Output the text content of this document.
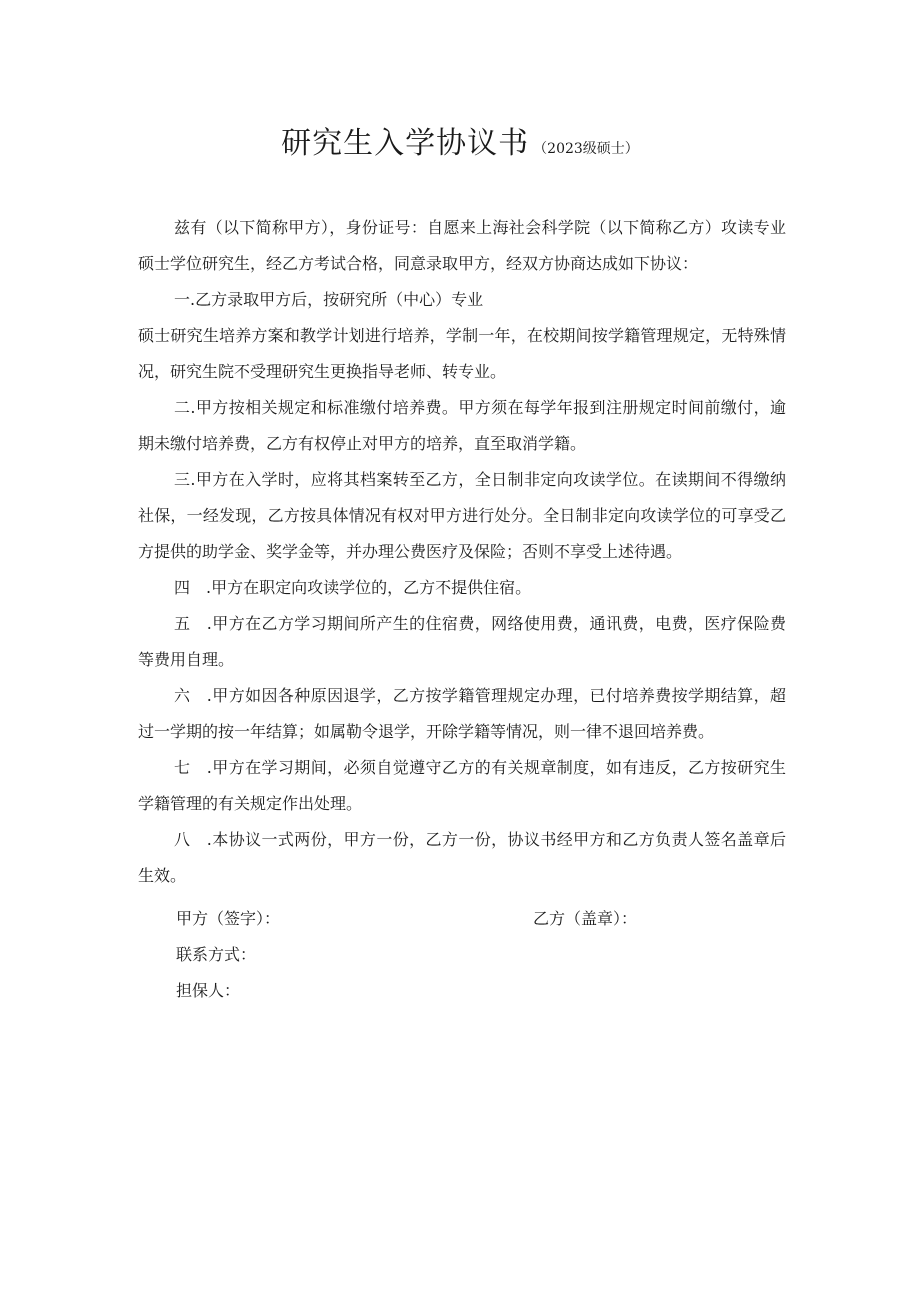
研究生入学协议书 （2023级硕士）

兹有（以下简称甲方），身份证号：自愿来上海社会科学院（以下简称乙方）攻读专业硕士学位研究生，经乙方考试合格，同意录取甲方，经双方协商达成如下协议：

一.乙方录取甲方后，按研究所（中心）专业

硕士研究生培养方案和教学计划进行培养，学制一年，在校期间按学籍管理规定，无特殊情况，研究生院不受理研究生更换指导老师、转专业。

二.甲方按相关规定和标准缴付培养费。甲方须在每学年报到注册规定时间前缴付，逾期未缴付培养费，乙方有权停止对甲方的培养，直至取消学籍。

三.甲方在入学时，应将其档案转至乙方，全日制非定向攻读学位。在读期间不得缴纳社保，一经发现，乙方按具体情况有权对甲方进行处分。全日制非定向攻读学位的可享受乙方提供的助学金、奖学金等，并办理公费医疗及保险；否则不享受上述待遇。

四　.甲方在职定向攻读学位的，乙方不提供住宿。

五　.甲方在乙方学习期间所产生的住宿费，网络使用费，通讯费，电费，医疗保险费等费用自理。

六　.甲方如因各种原因退学，乙方按学籍管理规定办理，已付培养费按学期结算，超过一学期的按一年结算；如属勒令退学，开除学籍等情况，则一律不退回培养费。

七　.甲方在学习期间，必须自觉遵守乙方的有关规章制度，如有违反，乙方按研究生学籍管理的有关规定作出处理。

八　.本协议一式两份，甲方一份，乙方一份，协议书经甲方和乙方负责人签名盖章后生效。

甲方（签字）：	乙方（盖章）：
联系方式：
担保人：
